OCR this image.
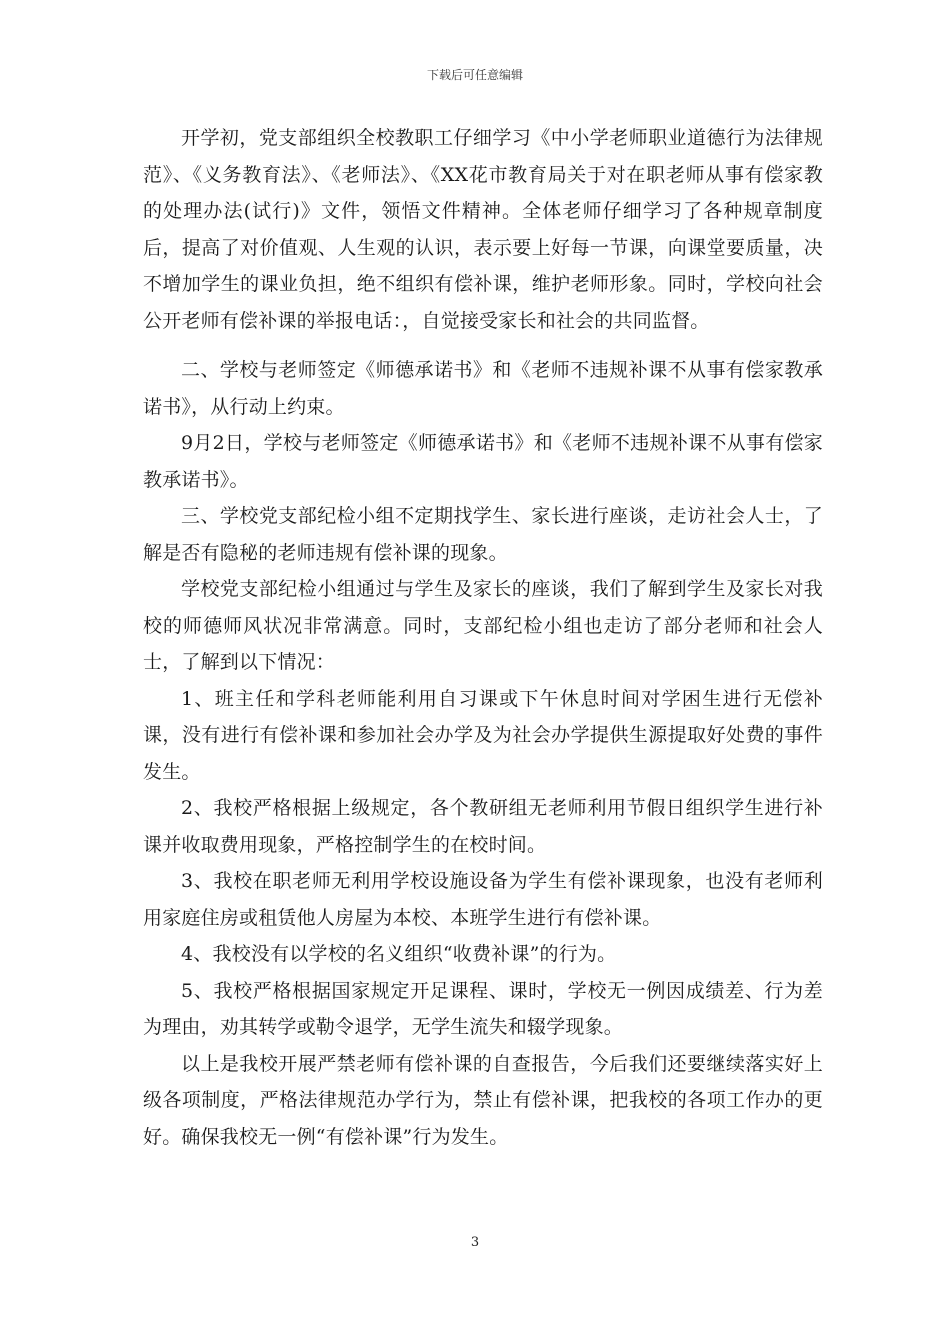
下载后可任意编辑

开学初，党支部组织全校教职工仔细学习《中小学老师职业道德行为法律规范》、《义务教育法》、《老师法》、《XX花市教育局关于对在职老师从事有偿家教的处理办法(试行)》文件，领悟文件精神。全体老师仔细学习了各种规章制度后，提高了对价值观、人生观的认识，表示要上好每一节课，向课堂要质量，决不增加学生的课业负担，绝不组织有偿补课，维护老师形象。同时，学校向社会公开老师有偿补课的举报电话：，自觉接受家长和社会的共同监督。

二、学校与老师签定《师德承诺书》和《老师不违规补课不从事有偿家教承诺书》，从行动上约束。

9月2日，学校与老师签定《师德承诺书》和《老师不违规补课不从事有偿家教承诺书》。

三、学校党支部纪检小组不定期找学生、家长进行座谈，走访社会人士，了解是否有隐秘的老师违规有偿补课的现象。

学校党支部纪检小组通过与学生及家长的座谈，我们了解到学生及家长对我校的师德师风状况非常满意。同时，支部纪检小组也走访了部分老师和社会人士，了解到以下情况：

1、班主任和学科老师能利用自习课或下午休息时间对学困生进行无偿补课，没有进行有偿补课和参加社会办学及为社会办学提供生源提取好处费的事件发生。

2、我校严格根据上级规定，各个教研组无老师利用节假日组织学生进行补课并收取费用现象，严格控制学生的在校时间。

3、我校在职老师无利用学校设施设备为学生有偿补课现象，也没有老师利用家庭住房或租赁他人房屋为本校、本班学生进行有偿补课。

4、我校没有以学校的名义组织“收费补课”的行为。

5、我校严格根据国家规定开足课程、课时，学校无一例因成绩差、行为差为理由，劝其转学或勒令退学，无学生流失和辍学现象。

以上是我校开展严禁老师有偿补课的自查报告，今后我们还要继续落实好上级各项制度，严格法律规范办学行为，禁止有偿补课，把我校的各项工作办的更好。确保我校无一例“有偿补课”行为发生。

3
